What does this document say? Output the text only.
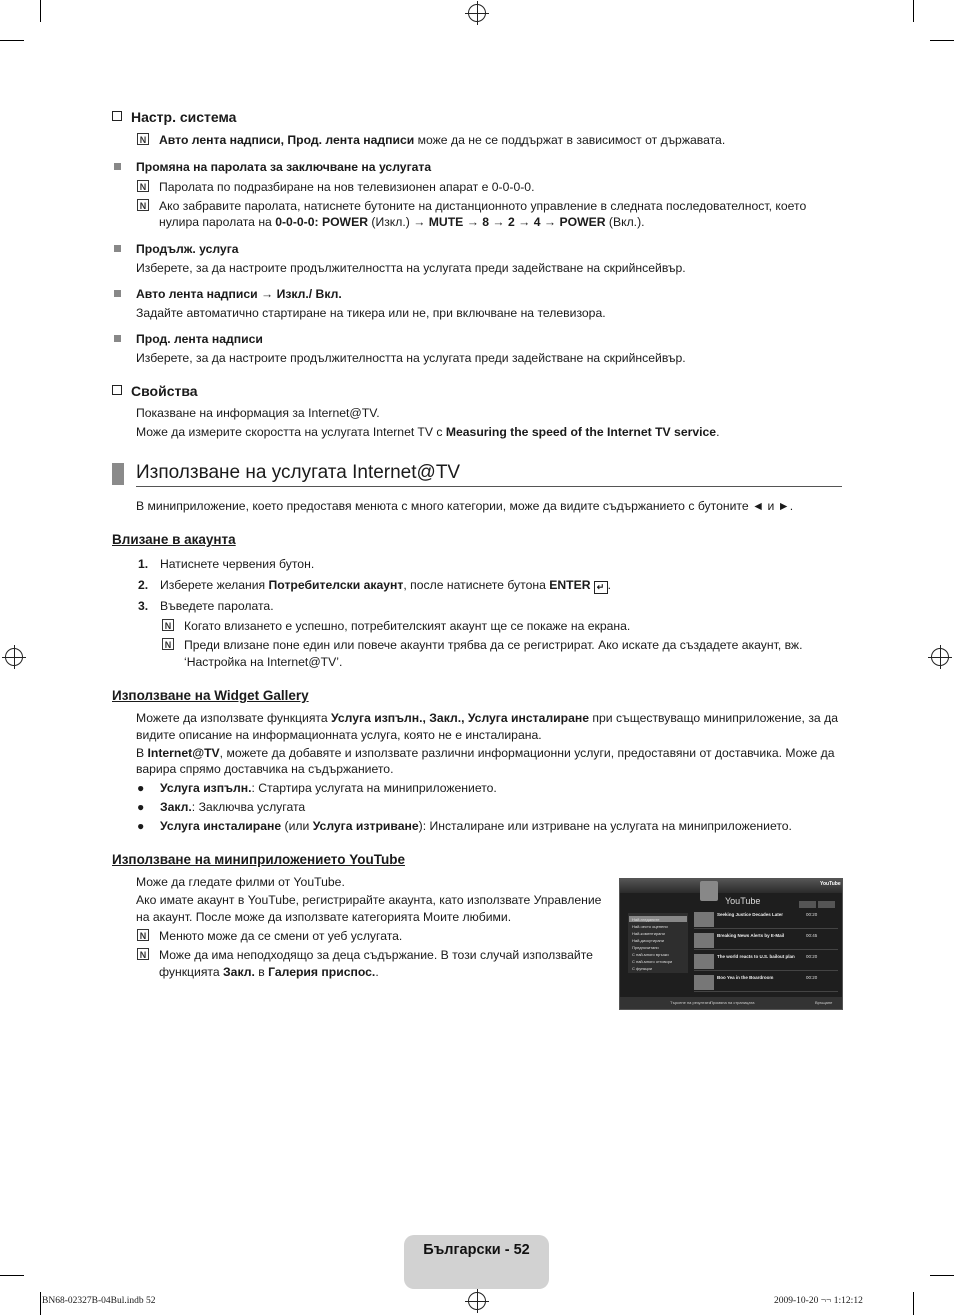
Настр. система
N Авто лента надписи, Прод. лента надписи може да не се поддържат в зависимост от държавата.
Промяна на паролата за заключване на услугата
N Паролата по подразбиране на нов телевизионен апарат е 0-0-0-0.
N Ако забравите паролата, натиснете бутоните на дистанционното управление в следната последователност, което
нулира паролата на 0-0-0-0: POWER (Изкл.) → MUTE → 8 → 2 → 4 → POWER (Вкл.).
Продълж. услуга
Изберете, за да настроите продължителността на услугата преди задействане на скрийнсейвър.
Авто лента надписи → Изкл./ Вкл.
Задайте автоматично стартиране на тикера или не, при включване на телевизора.
Прод. лента надписи
Изберете, за да настроите продължителността на услугата преди задействане на скрийнсейвър.
Свойства
Показване на информация за Internet@TV.
Може да измерите скоростта на услугата Internet TV с Measuring the speed of the Internet TV service.
Използване на услугата Internet@TV
В миниприложение, което предоставя менюта с много категории, може да видите съдържанието с бутоните ◄ и ►.
Влизане в акаунта
1. Натиснете червения бутон.
2. Изберете желания Потребителски акаунт, после натиснете бутона ENTER ↵ .
3. Въведете паролата.
N Когато влизането е успешно, потребителският акаунт ще се покаже на екрана.
N Преди влизане поне един или повече акаунти трябва да се регистрират. Ако искате да създадете акаунт, вж.
‘Настройка на Internet@TV’.
Използване на Widget Gallery
Можете да използвате функцията Услуга изпълн., Закл., Услуга инсталиране при съществуващо миниприложение, за да
видите описание на информационната услуга, която не е инсталирана.
В Internet@TV, можете да добавяте и използвате различни информационни услуги, предоставяни от доставчика. Може да
варира спрямо доставчика на съдържанието.
● Услуга изпълн.: Стартира услугата на миниприложението.
● Закл.: Заключва услугата
● Услуга инсталиране (или Услуга изтриване): Инсталиране или изтриване на услугата на миниприложението.
Използване на миниприложението YouTube
Може да гледате филми от YouTube.
Ако имате акаунт в YouTube, регистрирайте акаунта, като използвате Управление
на акаунт. После може да използвате категорията Моите любими.
N Менюто може да се смени от уеб услугата.
N Може да има неподходящо за деца съдържание. В този случай използвайте
функцията Закл. в Галерия приспос..
YouTube
YouTube
Най-гледаните
Най-често оценени
Най-коментирани
Най-дискутирани
Предпочитани
С най-много връзки
С най-много отговори
С функции
Seeking Justice Decades Later	00:20
Breaking News Alerts by E-Mail	00:45
The world reacts to U.S. bailout plan 00:20
Boo Yea in the Boardroom	00:20
Търсене на резултати Промяна на страницата	Връщане
Български - 52
BN68-02327B-04Bul.indb 52	2009-10-20 ¬¬ 1:12:12
